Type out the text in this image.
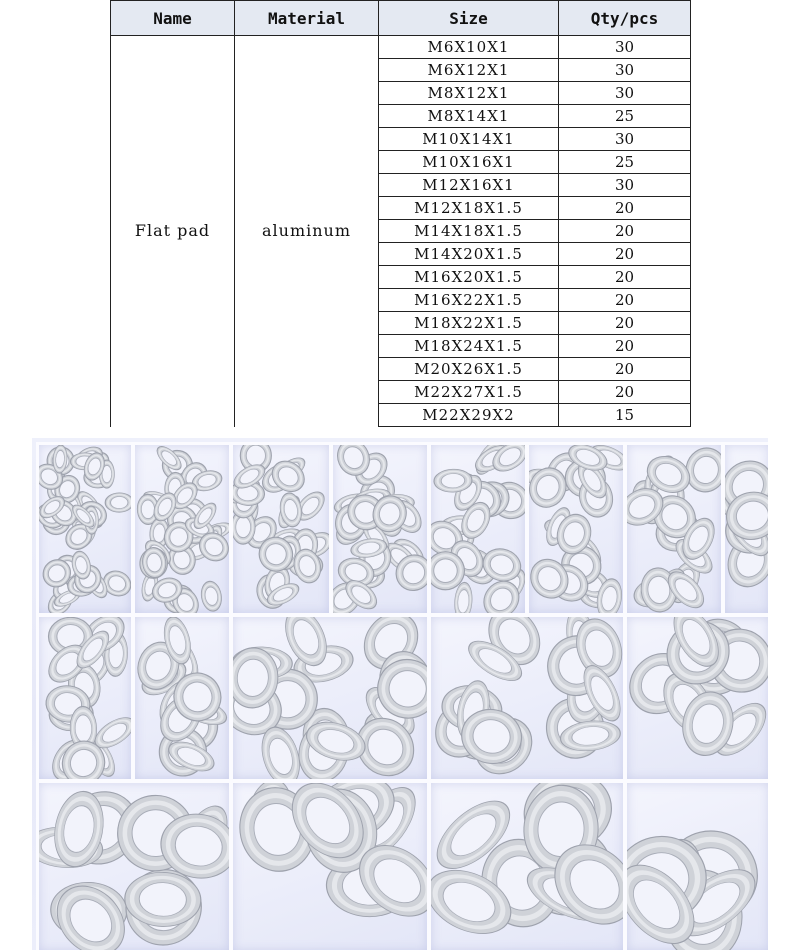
Name	Material	Size	Qty/pcs
Flat pad	aluminum	M6X10X1	30
		M6X12X1	30
		M8X12X1	30
		M8X14X1	25
		M10X14X1	30
		M10X16X1	25
		M12X16X1	30
		M12X18X1.5	20
		M14X18X1.5	20
		M14X20X1.5	20
		M16X20X1.5	20
		M16X22X1.5	20
		M18X22X1.5	20
		M18X24X1.5	20
		M20X26X1.5	20
		M22X27X1.5	20
		M22X29X2	15
